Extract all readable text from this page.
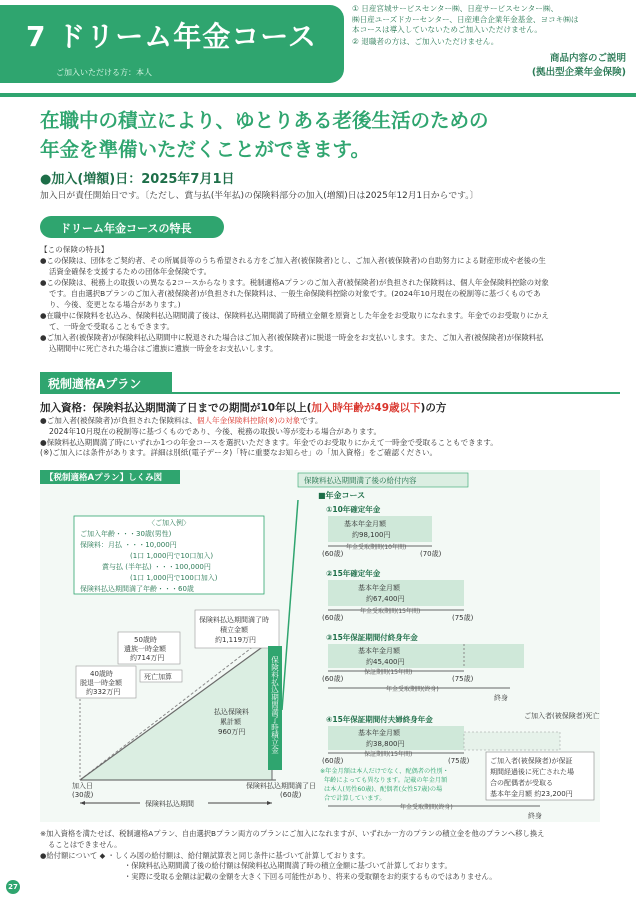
7 ドリーム年金コース
ご加入いただける方：本人
① 日産宮城サービスセンター㈱、日産サービスセンター㈱、
㈱日産ユーズドカーセンター、日産連合企業年金基金、ヨコキ㈱は
本コースは導入していないためご加入いただけません。
② 退職者の方は、ご加入いただけません。
商品内容のご説明
(拠出型企業年金保険)
在職中の積立により、ゆとりある老後生活のための
年金を準備いただくことができます。
●加入(増額)日：2025年7月1日
加入日が責任開始日です。〔ただし、賞与払(半年払)の保険料部分の加入(増額)日は2025年12月1日からです。〕
ドリーム年金コースの特長
【この保険の特長】
●この保険は、団体をご契約者、その所属員等のうち希望される方をご加入者(被保険者)とし、ご加入者(被保険者)の自助努力による財産形成や老後の生
活資金確保を支援するための団体年金保険です。
●この保険は、税務上の取扱いの異なる2コースからなります。税制適格Aプランのご加入者(被保険者)が負担された保険料は、個人年金保険料控除の対象
です。自由選択Bプランのご加入者(被保険者)が負担された保険料は、一般生命保険料控除の対象です。(2024年10月現在の税制等に基づくものであ
り、今後、変更となる場合があります。)
●在職中に保険料を払込み、保険料払込期間満了後は、保険料払込期間満了時積立金額を原資とした年金をお受取りになれます。年金でのお受取りにかえ
て、一時金で受取ることもできます。
●ご加入者(被保険者)が保険料払込期間中に脱退された場合はご加入者(被保険者)に脱退一時金をお支払いします。また、ご加入者(被保険者)が保険料払
込期間中に死亡された場合はご遺族に遺族一時金をお支払いします。
税制適格Aプラン
加入資格：保険料払込期間満了日までの期間が10年以上(加入時年齢が49歳以下)の方
●ご加入者(被保険者)が負担された保険料は、個人年金保険料控除(※)の対象です。
2024年10月現在の税制等に基づくものであり、今後、税務の取扱い等が変わる場合があります。
●保険料払込期間満了時にいずれか1つの年金コースを選択いただきます。年金でのお受取りにかえて一時金で受取ることもできます。
(※)ご加入には条件があります。詳細は別紙(電子データ)「特に重要なお知らせ」の「加入資格」をご確認ください。
【税制適格Aプラン】しくみ図
〈ご加入例〉
ご加入年齢・・・30歳(男性)
保険料：月払 ・・・10,000円
(1口 1,000円で10口加入)
賞与払 (半年払) ・・・100,000円
(1口 1,000円で100口加入)
保険料払込期間満了年齢・・・60歳
保険料払込期間満了時
積立金額
約1,119万円
50歳時
遺族一時金額
約714万円
死亡加算
40歳時
脱退一時金額
約332万円
払込保険料
累計額
960万円	保険料払込期間満了時積立金
加入日
(30歳)
保険料払込期間満了日
(60歳)
保険料払込期間
保険料払込期間満了後の給付内容
■年金コース
①10年確定年金
基本年金月額
約98,100円
年金受取期間(10年間)
(60歳)	(70歳)
②15年確定年金
基本年金月額
約67,400円
年金受取期間(15年間)
(60歳)	(75歳)
③15年保証期間付終身年金
基本年金月額
約45,400円
保証期間(15年間)
(60歳)	(75歳)
年金受取期間(終身)
終身
④15年保証期間付夫婦終身年金	ご加入者(被保険者)死亡
基本年金月額
約38,800円
保証期間(15年間)
(60歳)	(75歳)
※年金月額は本人だけでなく、配偶者の性別・
年齢によっても異なります。記載の年金月額
は本人(男性60歳)、配偶者(女性57歳)の場
合で計算しています。
ご加入者(被保険者)が保証
期間経過後に死亡された場
合の配偶者が受取る
基本年金月額 約23,200円
年金受取期間(終身)
終身
※加入資格を満たせば、税制適格Aプラン、自由選択Bプラン両方のプランにご加入になれますが、いずれか一方のプランの積立金を他のプランへ移し換え
ることはできません。
●給付額について ◆ ・しくみ図の給付額は、給付額試算表と同じ条件に基づいて計算しております。
・保険料払込期間満了後の給付額は保険料払込期間満了時の積立金額に基づいて計算しております。
・実際に受取る金額は記載の金額を大きく下回る可能性があり、将来の受取額をお約束するものではありません。
27
